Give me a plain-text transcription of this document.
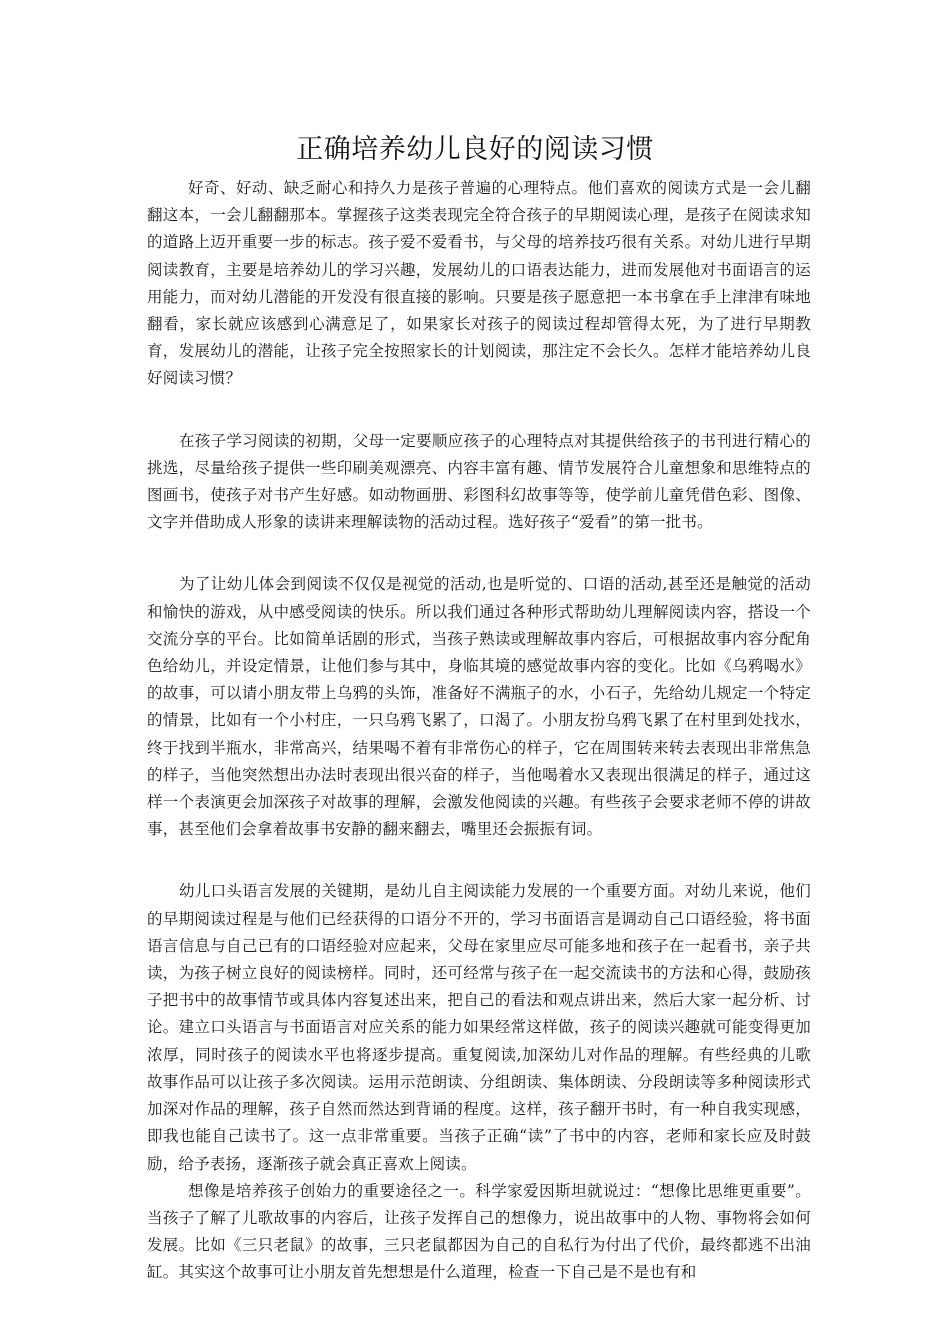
正确培养幼儿良好的阅读习惯

好奇、好动、缺乏耐心和持久力是孩子普遍的心理特点。他们喜欢的阅读方式是一会儿翻翻这本，一会儿翻翻那本。掌握孩子这类表现完全符合孩子的早期阅读心理，是孩子在阅读求知的道路上迈开重要一步的标志。孩子爱不爱看书，与父母的培养技巧很有关系。对幼儿进行早期阅读教育，主要是培养幼儿的学习兴趣，发展幼儿的口语表达能力，进而发展他对书面语言的运用能力，而对幼儿潜能的开发没有很直接的影响。只要是孩子愿意把一本书拿在手上津津有味地翻看，家长就应该感到心满意足了，如果家长对孩子的阅读过程却管得太死，为了进行早期教育，发展幼儿的潜能，让孩子完全按照家长的计划阅读，那注定不会长久。怎样才能培养幼儿良好阅读习惯？

在孩子学习阅读的初期，父母一定要顺应孩子的心理特点对其提供给孩子的书刊进行精心的挑选，尽量给孩子提供一些印刷美观漂亮、内容丰富有趣、情节发展符合儿童想象和思维特点的图画书，使孩子对书产生好感。如动物画册、彩图科幻故事等等，使学前儿童凭借色彩、图像、文字并借助成人形象的读讲来理解读物的活动过程。选好孩子“爱看”的第一批书。

为了让幼儿体会到阅读不仅仅是视觉的活动,也是听觉的、口语的活动,甚至还是触觉的活动和愉快的游戏，从中感受阅读的快乐。所以我们通过各种形式帮助幼儿理解阅读内容，搭设一个交流分享的平台。比如简单话剧的形式，当孩子熟读或理解故事内容后，可根据故事内容分配角色给幼儿，并设定情景，让他们参与其中，身临其境的感觉故事内容的变化。比如《乌鸦喝水》的故事，可以请小朋友带上乌鸦的头饰，准备好不满瓶子的水，小石子，先给幼儿规定一个特定的情景，比如有一个小村庄，一只乌鸦飞累了，口渴了。小朋友扮乌鸦飞累了在村里到处找水，终于找到半瓶水，非常高兴，结果喝不着有非常伤心的样子，它在周围转来转去表现出非常焦急的样子，当他突然想出办法时表现出很兴奋的样子，当他喝着水又表现出很满足的样子，通过这样一个表演更会加深孩子对故事的理解，会激发他阅读的兴趣。有些孩子会要求老师不停的讲故事，甚至他们会拿着故事书安静的翻来翻去，嘴里还会振振有词。

幼儿口头语言发展的关键期，是幼儿自主阅读能力发展的一个重要方面。对幼儿来说，他们的早期阅读过程是与他们已经获得的口语分不开的，学习书面语言是调动自己口语经验，将书面语言信息与自己已有的口语经验对应起来，父母在家里应尽可能多地和孩子在一起看书，亲子共读，为孩子树立良好的阅读榜样。同时，还可经常与孩子在一起交流读书的方法和心得，鼓励孩子把书中的故事情节或具体内容复述出来，把自己的看法和观点讲出来，然后大家一起分析、讨论。建立口头语言与书面语言对应关系的能力如果经常这样做，孩子的阅读兴趣就可能变得更加浓厚，同时孩子的阅读水平也将逐步提高。重复阅读,加深幼儿对作品的理解。有些经典的儿歌故事作品可以让孩子多次阅读。运用示范朗读、分组朗读、集体朗读、分段朗读等多种阅读形式加深对作品的理解，孩子自然而然达到背诵的程度。这样，孩子翻开书时，有一种自我实现感，即我也能自己读书了。这一点非常重要。当孩子正确“读”了书中的内容，老师和家长应及时鼓励，给予表扬，逐渐孩子就会真正喜欢上阅读。

想像是培养孩子创始力的重要途径之一。科学家爱因斯坦就说过：“想像比思维更重要”。当孩子了解了儿歌故事的内容后，让孩子发挥自己的想像力，说出故事中的人物、事物将会如何发展。比如《三只老鼠》的故事，三只老鼠都因为自己的自私行为付出了代价，最终都逃不出油缸。其实这个故事可让小朋友首先想想是什么道理，检查一下自己是不是也有和
